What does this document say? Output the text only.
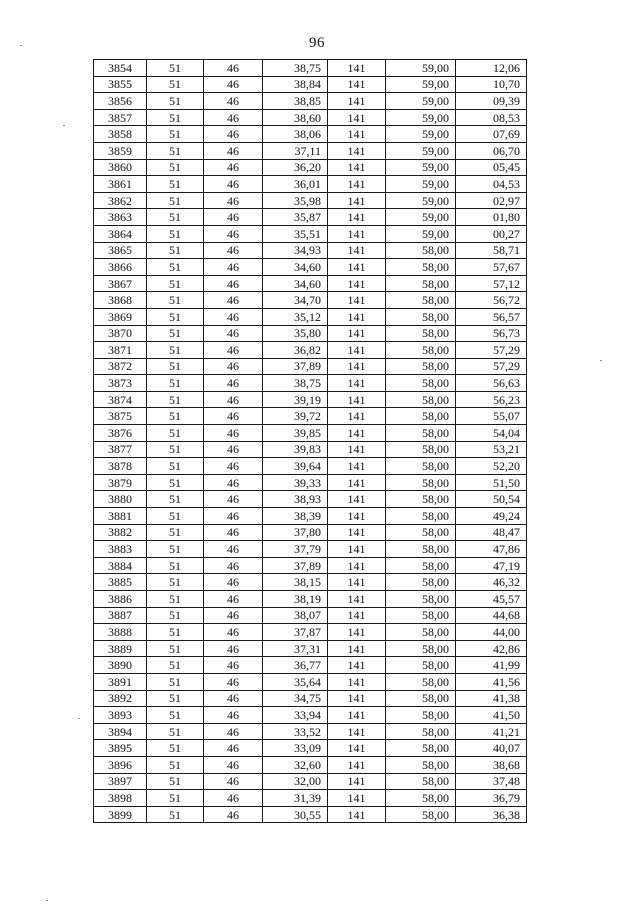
96
3854	51	46	38,75	141	59,00	12,06
3855	51	46	38,84	141	59,00	10,70
3856	51	46	38,85	141	59,00	09,39
3857	51	46	38,60	141	59,00	08,53
3858	51	46	38,06	141	59,00	07,69
3859	51	46	37,11	141	59,00	06,70
3860	51	46	36,20	141	59,00	05,45
3861	51	46	36,01	141	59,00	04,53
3862	51	46	35,98	141	59,00	02,97
3863	51	46	35,87	141	59,00	01,80
3864	51	46	35,51	141	59,00	00,27
3865	51	46	34,93	141	58,00	58,71
3866	51	46	34,60	141	58,00	57,67
3867	51	46	34,60	141	58,00	57,12
3868	51	46	34,70	141	58,00	56,72
3869	51	46	35,12	141	58,00	56,57
3870	51	46	35,80	141	58,00	56,73
3871	51	46	36,82	141	58,00	57,29
3872	51	46	37,89	141	58,00	57,29
3873	51	46	38,75	141	58,00	56,63
3874	51	46	39,19	141	58,00	56,23
3875	51	46	39,72	141	58,00	55,07
3876	51	46	39,85	141	58,00	54,04
3877	51	46	39,83	141	58,00	53,21
3878	51	46	39,64	141	58,00	52,20
3879	51	46	39,33	141	58,00	51,50
3880	51	46	38,93	141	58,00	50,54
3881	51	46	38,39	141	58,00	49,24
3882	51	46	37,80	141	58,00	48,47
3883	51	46	37,79	141	58,00	47,86
3884	51	46	37,89	141	58,00	47,19
3885	51	46	38,15	141	58,00	46,32
3886	51	46	38,19	141	58,00	45,57
3887	51	46	38,07	141	58,00	44,68
3888	51	46	37,87	141	58,00	44,00
3889	51	46	37,31	141	58,00	42,86
3890	51	46	36,77	141	58,00	41,99
3891	51	46	35,64	141	58,00	41,56
3892	51	46	34,75	141	58,00	41,38
3893	51	46	33,94	141	58,00	41,50
3894	51	46	33,52	141	58,00	41,21
3895	51	46	33,09	141	58,00	40,07
3896	51	46	32,60	141	58,00	38,68
3897	51	46	32,00	141	58,00	37,48
3898	51	46	31,39	141	58,00	36,79
3899	51	46	30,55	141	58,00	36,38
